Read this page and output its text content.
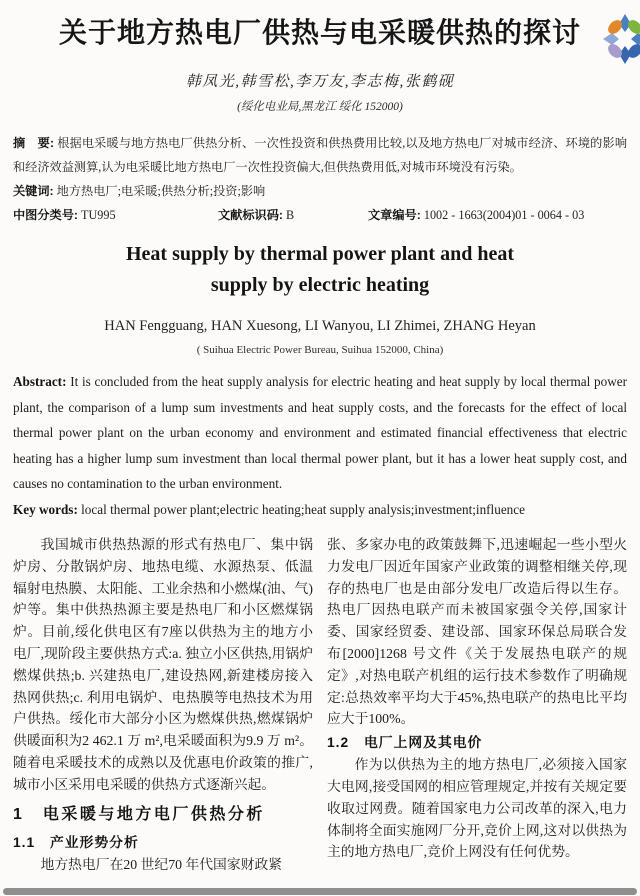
关于地方热电厂供热与电采暖供热的探讨
韩凤光,韩雪松,李万友,李志梅,张鹤砚
(绥化电业局,黑龙江 绥化 152000)

摘　要: 根据电采暖与地方热电厂供热分析、一次性投资和供热费用比较,以及地方热电厂对城市经济、环境的影响和经济效益测算,认为电采暖比地方热电厂一次性投资偏大,但供热费用低,对城市环境没有污染。

关键词: 地方热电厂;电采暖;供热分析;投资;影响

中图分类号: TU995	文献标识码: B	文章编号: 1002 - 1663(2004)01 - 0064 - 03

Heat supply by thermal power plant and heat
supply by electric heating
HAN Fengguang, HAN Xuesong, LI Wanyou, LI Zhimei, ZHANG Heyan
( Suihua Electric Power Bureau, Suihua 152000, China)

Abstract: It is concluded from the heat supply analysis for electric heating and heat supply by local thermal power plant, the comparison of a lump sum investments and heat supply costs, and the forecasts for the effect of local thermal power plant on the urban economy and environment and estimated financial effectiveness that electric heating has a higher lump sum investment than local thermal power plant, but it has a lower heat supply cost, and causes no contamination to the urban environment.

Key words: local thermal power plant;electric heating;heat supply analysis;investment;influence

我国城市供热热源的形式有热电厂、集中锅炉房、分散锅炉房、地热电缆、水源热泵、低温辐射电热膜、太阳能、工业余热和小燃煤(油、气)炉等。集中供热热源主要是热电厂和小区燃煤锅炉。目前,绥化供电区有7座以供热为主的地方小电厂,现阶段主要供热方式:a. 独立小区供热,用锅炉燃煤供热;b. 兴建热电厂,建设热网,新建楼房接入热网供热;c. 利用电锅炉、电热膜等电热技术为用户供热。绥化市大部分小区为燃煤供热,燃煤锅炉供暖面积为2 462.1 万 m²,电采暖面积为9.9 万 m²。随着电采暖技术的成熟以及优惠电价政策的推广,城市小区采用电采暖的供热方式逐渐兴起。

1　电采暖与地方电厂供热分析
1.1　产业形势分析

地方热电厂在20 世纪70 年代国家财政紧

张、多家办电的政策鼓舞下,迅速崛起一些小型火力发电厂因近年国家产业政策的调整相继关停,现存的热电厂也是由部分发电厂改造后得以生存。热电厂因热电联产而未被国家强令关停,国家计委、国家经贸委、建设部、国家环保总局联合发布[2000]1268 号文件《关于发展热电联产的规定》,对热电联产机组的运行技术参数作了明确规定:总热效率平均大于45%,热电联产的热电比平均应大于100%。

1.2　电厂上网及其电价

作为以供热为主的地方热电厂,必须接入国家大电网,接受国网的相应管理规定,并按有关规定要收取过网费。随着国家电力公司改革的深入,电力体制将全面实施网厂分开,竞价上网,这对以供热为主的地方热电厂,竞价上网没有任何优势。
